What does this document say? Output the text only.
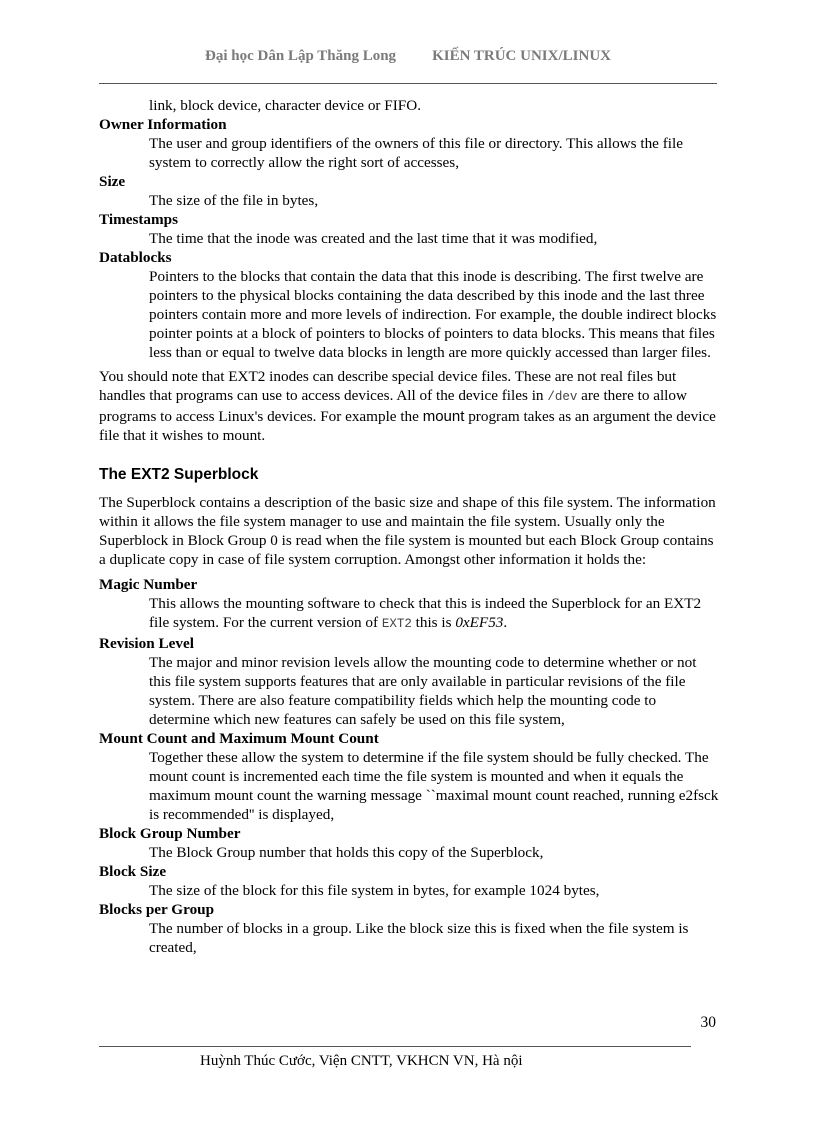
Đại học Dân Lập Thăng Long KIẾN TRÚC UNIX/LINUX
link, block device, character device or FIFO.
Owner Information
The user and group identifiers of the owners of this file or directory. This allows the file system to correctly allow the right sort of accesses,
Size
The size of the file in bytes,
Timestamps
The time that the inode was created and the last time that it was modified,
Datablocks
Pointers to the blocks that contain the data that this inode is describing. The first twelve are pointers to the physical blocks containing the data described by this inode and the last three pointers contain more and more levels of indirection. For example, the double indirect blocks pointer points at a block of pointers to blocks of pointers to data blocks. This means that files less than or equal to twelve data blocks in length are more quickly accessed than larger files.

You should note that EXT2 inodes can describe special device files. These are not real files but handles that programs can use to access devices. All of the device files in /dev are there to allow programs to access Linux's devices. For example the mount program takes as an argument the device file that it wishes to mount.

The EXT2 Superblock

The Superblock contains a description of the basic size and shape of this file system. The information within it allows the file system manager to use and maintain the file system. Usually only the Superblock in Block Group 0 is read when the file system is mounted but each Block Group contains a duplicate copy in case of file system corruption. Amongst other information it holds the:

Magic Number
This allows the mounting software to check that this is indeed the Superblock for an EXT2 file system. For the current version of EXT2 this is 0xEF53.
Revision Level
The major and minor revision levels allow the mounting code to determine whether or not this file system supports features that are only available in particular revisions of the file system. There are also feature compatibility fields which help the mounting code to determine which new features can safely be used on this file system,
Mount Count and Maximum Mount Count
Together these allow the system to determine if the file system should be fully checked. The mount count is incremented each time the file system is mounted and when it equals the maximum mount count the warning message ``maximal mount count reached, running e2fsck is recommended'' is displayed,
Block Group Number
The Block Group number that holds this copy of the Superblock,
Block Size
The size of the block for this file system in bytes, for example 1024 bytes,
Blocks per Group
The number of blocks in a group. Like the block size this is fixed when the file system is created,
30
Huỳnh Thúc Cước, Viện CNTT, VKHCN VN, Hà nội
